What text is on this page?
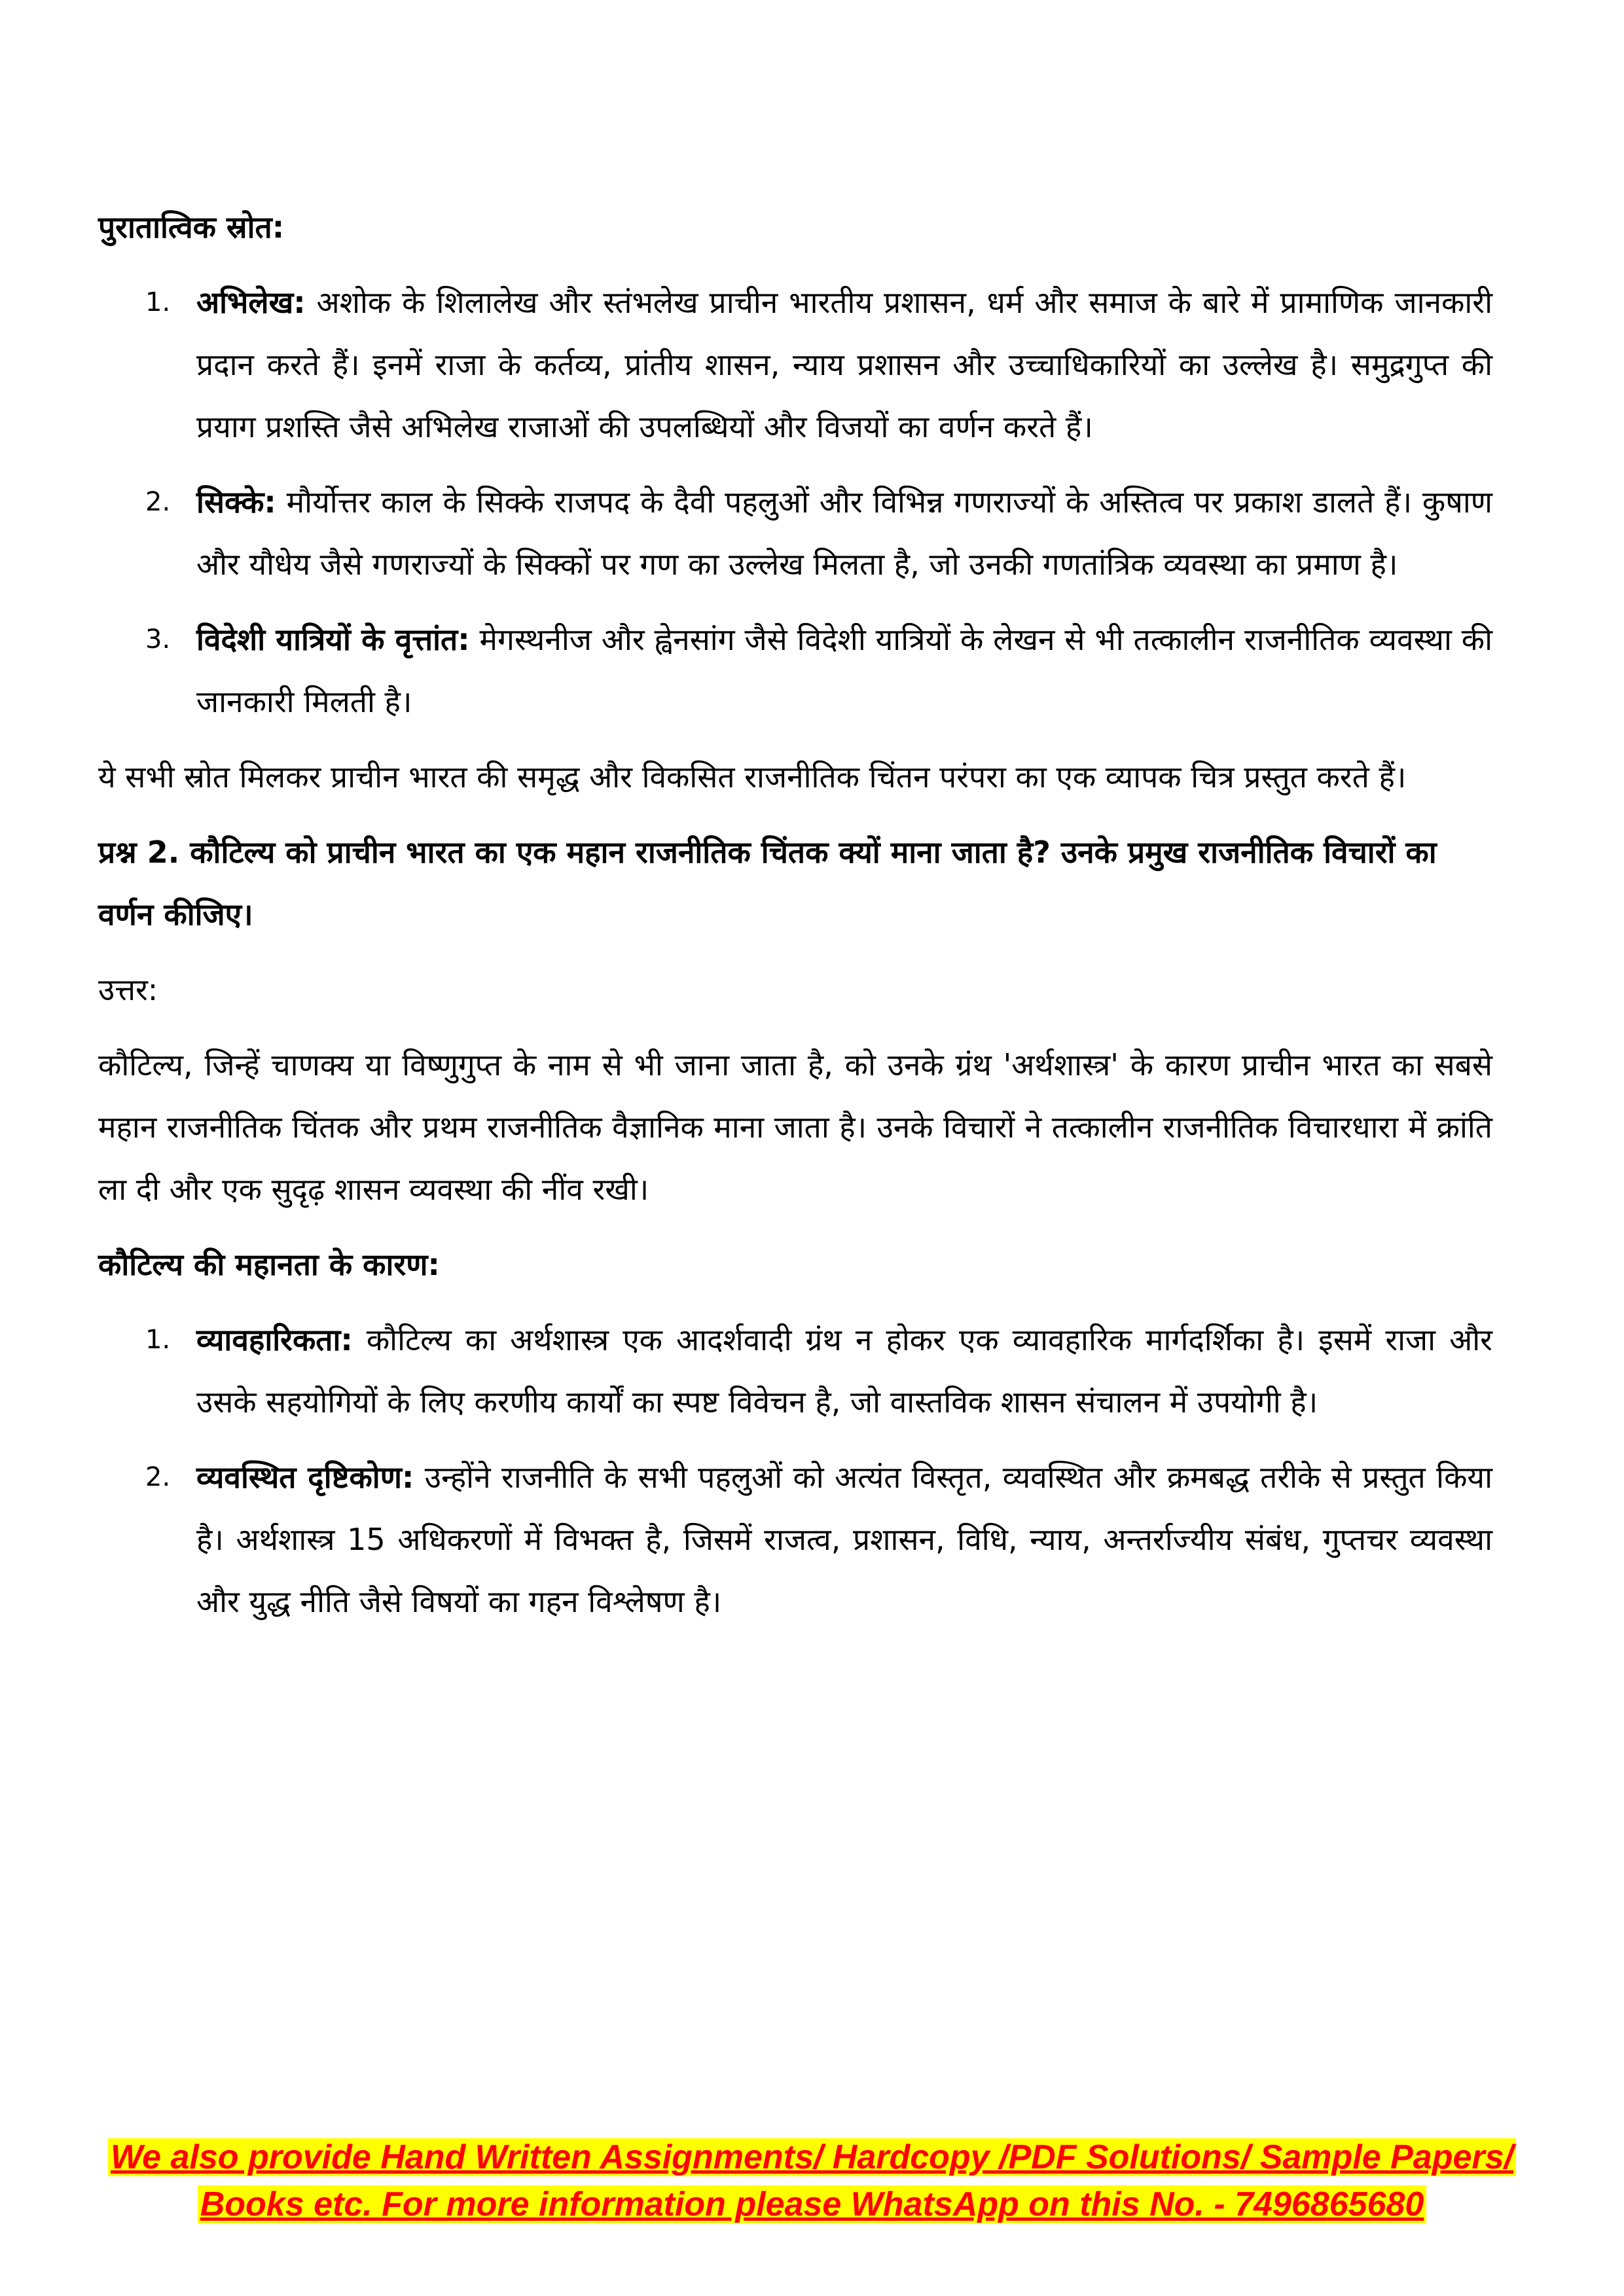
पुरातात्विक स्रोत:
1. अभिलेख: अशोक के शिलालेख और स्तंभलेख प्राचीन भारतीय प्रशासन, धर्म और समाज के बारे में प्रामाणिक जानकारी प्रदान करते हैं। इनमें राजा के कर्तव्य, प्रांतीय शासन, न्याय प्रशासन और उच्चाधिकारियों का उल्लेख है। समुद्रगुप्त की प्रयाग प्रशस्ति जैसे अभिलेख राजाओं की उपलब्धियों और विजयों का वर्णन करते हैं।
2. सिक्के: मौर्योत्तर काल के सिक्के राजपद के दैवी पहलुओं और विभिन्न गणराज्यों के अस्तित्व पर प्रकाश डालते हैं। कुषाण और यौधेय जैसे गणराज्यों के सिक्कों पर गण का उल्लेख मिलता है, जो उनकी गणतांत्रिक व्यवस्था का प्रमाण है।
3. विदेशी यात्रियों के वृत्तांत: मेगस्थनीज और ह्वेनसांग जैसे विदेशी यात्रियों के लेखन से भी तत्कालीन राजनीतिक व्यवस्था की जानकारी मिलती है।

ये सभी स्रोत मिलकर प्राचीन भारत की समृद्ध और विकसित राजनीतिक चिंतन परंपरा का एक व्यापक चित्र प्रस्तुत करते हैं।

प्रश्न 2. कौटिल्य को प्राचीन भारत का एक महान राजनीतिक चिंतक क्यों माना जाता है? उनके प्रमुख राजनीतिक विचारों का वर्णन कीजिए।

उत्तर:

कौटिल्य, जिन्हें चाणक्य या विष्णुगुप्त के नाम से भी जाना जाता है, को उनके ग्रंथ 'अर्थशास्त्र' के कारण प्राचीन भारत का सबसे महान राजनीतिक चिंतक और प्रथम राजनीतिक वैज्ञानिक माना जाता है। उनके विचारों ने तत्कालीन राजनीतिक विचारधारा में क्रांति ला दी और एक सुदृढ़ शासन व्यवस्था की नींव रखी।

कौटिल्य की महानता के कारण:
1. व्यावहारिकता: कौटिल्य का अर्थशास्त्र एक आदर्शवादी ग्रंथ न होकर एक व्यावहारिक मार्गदर्शिका है। इसमें राजा और उसके सहयोगियों के लिए करणीय कार्यों का स्पष्ट विवेचन है, जो वास्तविक शासन संचालन में उपयोगी है।
2. व्यवस्थित दृष्टिकोण: उन्होंने राजनीति के सभी पहलुओं को अत्यंत विस्तृत, व्यवस्थित और क्रमबद्ध तरीके से प्रस्तुत किया है। अर्थशास्त्र 15 अधिकरणों में विभक्त है, जिसमें राजत्व, प्रशासन, विधि, न्याय, अन्तर्राज्यीय संबंध, गुप्तचर व्यवस्था और युद्ध नीति जैसे विषयों का गहन विश्लेषण है।
We also provide Hand Written Assignments/ Hardcopy /PDF Solutions/ Sample Papers/
Books etc. For more information please WhatsApp on this No. - 7496865680
